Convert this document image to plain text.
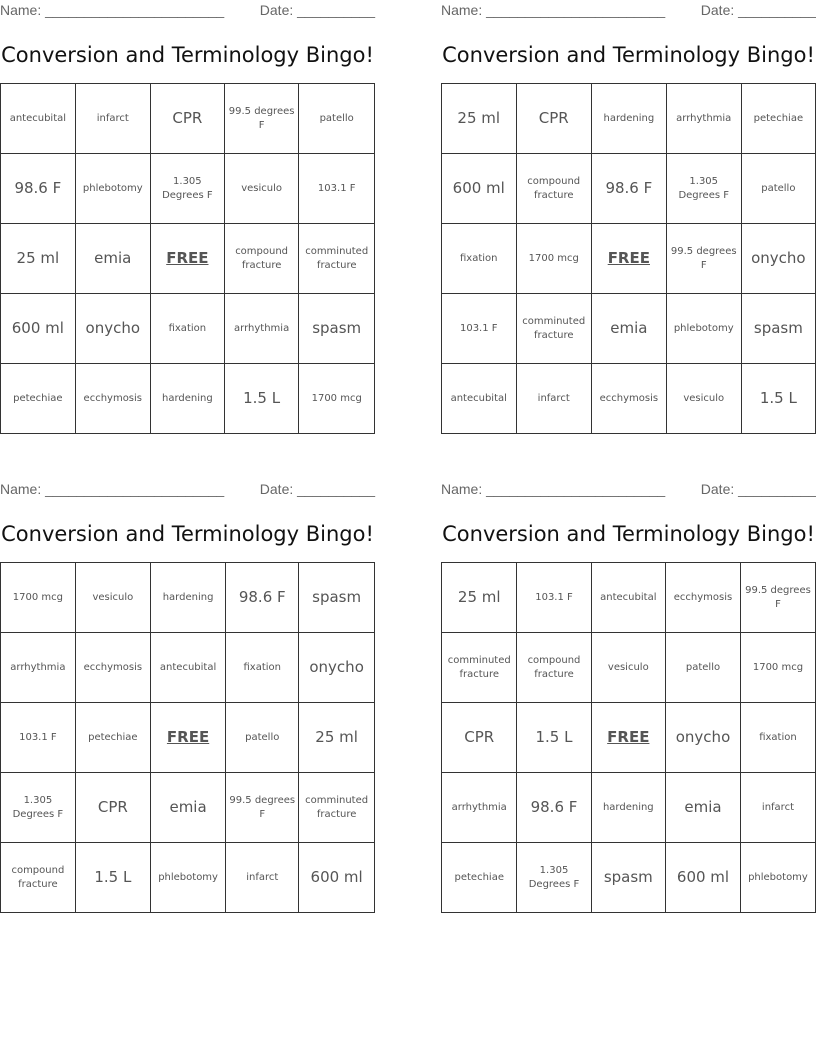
Name: _______________________	Date: __________
Conversion and Terminology Bingo!
antecubital	infarct	CPR	99.5 degrees F	patello
98.6 F	phlebotomy	1.305 Degrees F	vesiculo	103.1 F
25 ml	emia	FREE	compound fracture	comminuted fracture
600 ml	onycho	fixation	arrhythmia	spasm
petechiae	ecchymosis	hardening	1.5 L	1700 mcg
Name: _______________________	Date: __________
Conversion and Terminology Bingo!
25 ml	CPR	hardening	arrhythmia	petechiae
600 ml	compound fracture	98.6 F	1.305 Degrees F	patello
fixation	1700 mcg	FREE	99.5 degrees F	onycho
103.1 F	comminuted fracture	emia	phlebotomy	spasm
antecubital	infarct	ecchymosis	vesiculo	1.5 L
Name: _______________________	Date: __________
Conversion and Terminology Bingo!
1700 mcg	vesiculo	hardening	98.6 F	spasm
arrhythmia	ecchymosis	antecubital	fixation	onycho
103.1 F	petechiae	FREE	patello	25 ml
1.305 Degrees F	CPR	emia	99.5 degrees F	comminuted fracture
compound fracture	1.5 L	phlebotomy	infarct	600 ml
Name: _______________________	Date: __________
Conversion and Terminology Bingo!
25 ml	103.1 F	antecubital	ecchymosis	99.5 degrees F
comminuted fracture	compound fracture	vesiculo	patello	1700 mcg
CPR	1.5 L	FREE	onycho	fixation
arrhythmia	98.6 F	hardening	emia	infarct
petechiae	1.305 Degrees F	spasm	600 ml	phlebotomy
